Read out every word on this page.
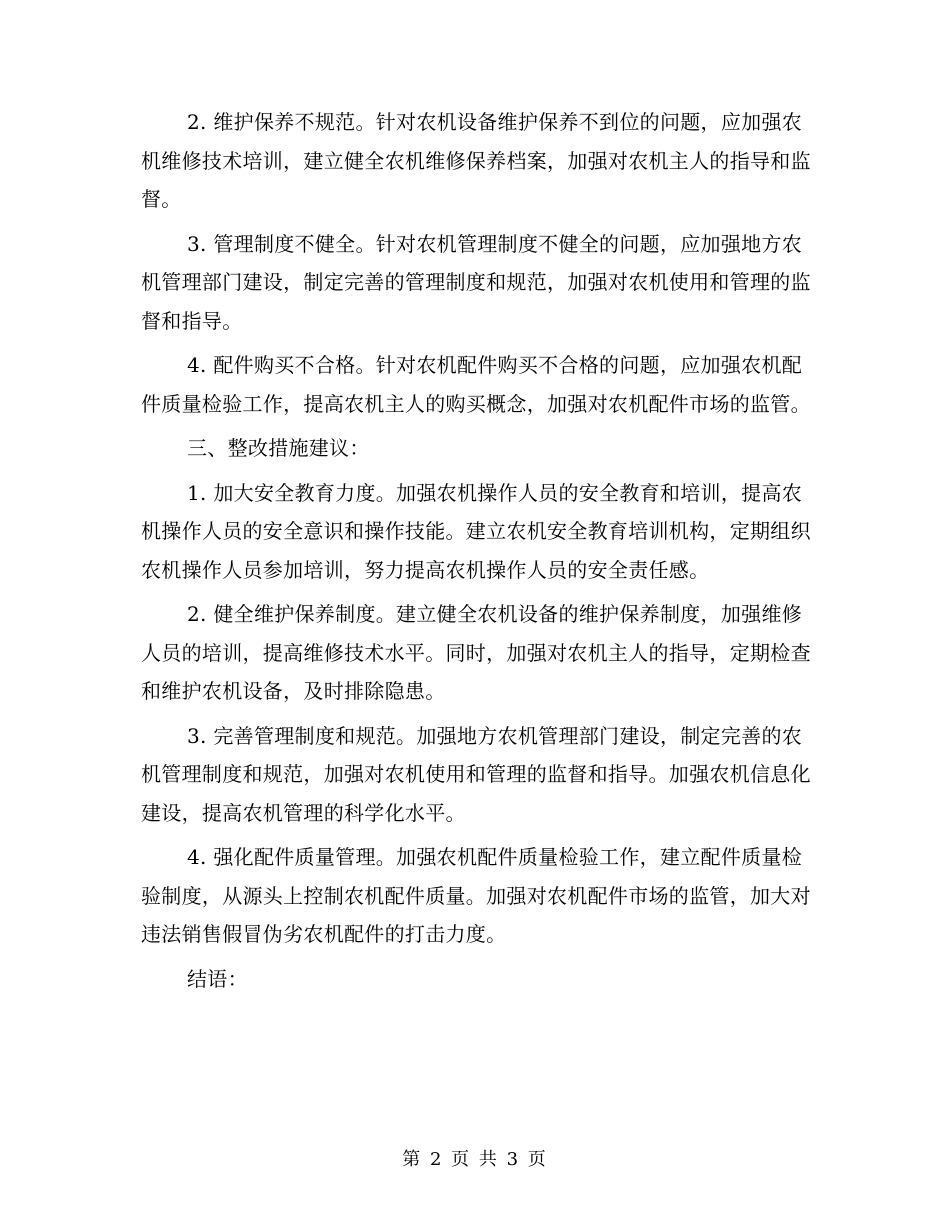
2. 维护保养不规范。针对农机设备维护保养不到位的问题，应加强农机维修技术培训，建立健全农机维修保养档案，加强对农机主人的指导和监督。

3. 管理制度不健全。针对农机管理制度不健全的问题，应加强地方农机管理部门建设，制定完善的管理制度和规范，加强对农机使用和管理的监督和指导。

4. 配件购买不合格。针对农机配件购买不合格的问题，应加强农机配件质量检验工作，提高农机主人的购买概念，加强对农机配件市场的监管。

三、整改措施建议：

1. 加大安全教育力度。加强农机操作人员的安全教育和培训，提高农机操作人员的安全意识和操作技能。建立农机安全教育培训机构，定期组织农机操作人员参加培训，努力提高农机操作人员的安全责任感。

2. 健全维护保养制度。建立健全农机设备的维护保养制度，加强维修人员的培训，提高维修技术水平。同时，加强对农机主人的指导，定期检查和维护农机设备，及时排除隐患。

3. 完善管理制度和规范。加强地方农机管理部门建设，制定完善的农机管理制度和规范，加强对农机使用和管理的监督和指导。加强农机信息化建设，提高农机管理的科学化水平。

4. 强化配件质量管理。加强农机配件质量检验工作，建立配件质量检验制度，从源头上控制农机配件质量。加强对农机配件市场的监管，加大对违法销售假冒伪劣农机配件的打击力度。

结语：

第 2 页 共 3 页
